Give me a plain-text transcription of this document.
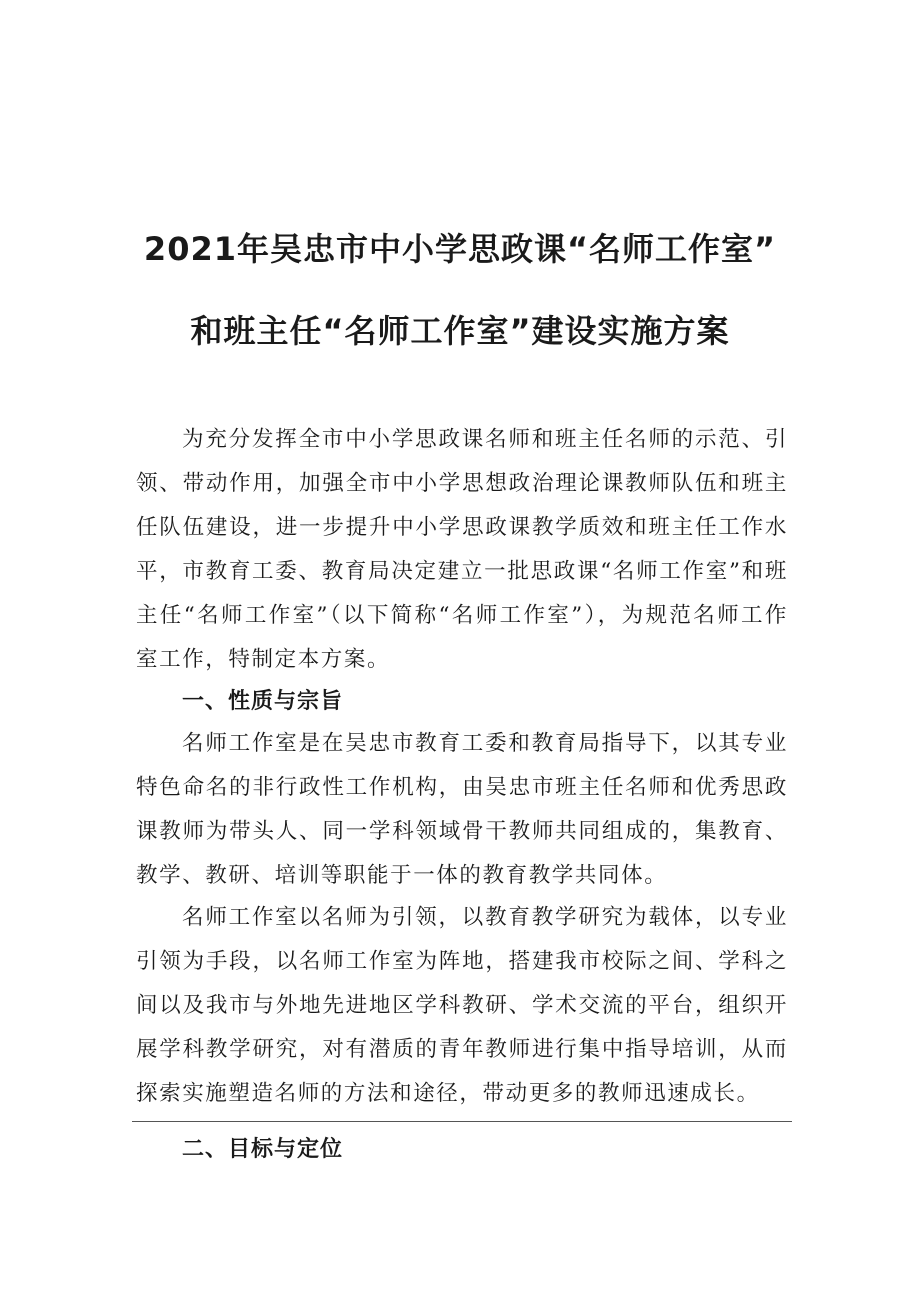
2021年吴忠市中小学思政课“名师工作室”
和班主任“名师工作室”建设实施方案

为充分发挥全市中小学思政课名师和班主任名师的示范、引领、带动作用，加强全市中小学思想政治理论课教师队伍和班主任队伍建设，进一步提升中小学思政课教学质效和班主任工作水平，市教育工委、教育局决定建立一批思政课“名师工作室”和班主任“名师工作室”（以下简称“名师工作室”），为规范名师工作室工作，特制定本方案。

一、性质与宗旨

名师工作室是在吴忠市教育工委和教育局指导下，以其专业特色命名的非行政性工作机构，由吴忠市班主任名师和优秀思政课教师为带头人、同一学科领域骨干教师共同组成的，集教育、教学、教研、培训等职能于一体的教育教学共同体。

名师工作室以名师为引领，以教育教学研究为载体，以专业引领为手段，以名师工作室为阵地，搭建我市校际之间、学科之间以及我市与外地先进地区学科教研、学术交流的平台，组织开展学科教学研究，对有潜质的青年教师进行集中指导培训，从而探索实施塑造名师的方法和途径，带动更多的教师迅速成长。

二、目标与定位
